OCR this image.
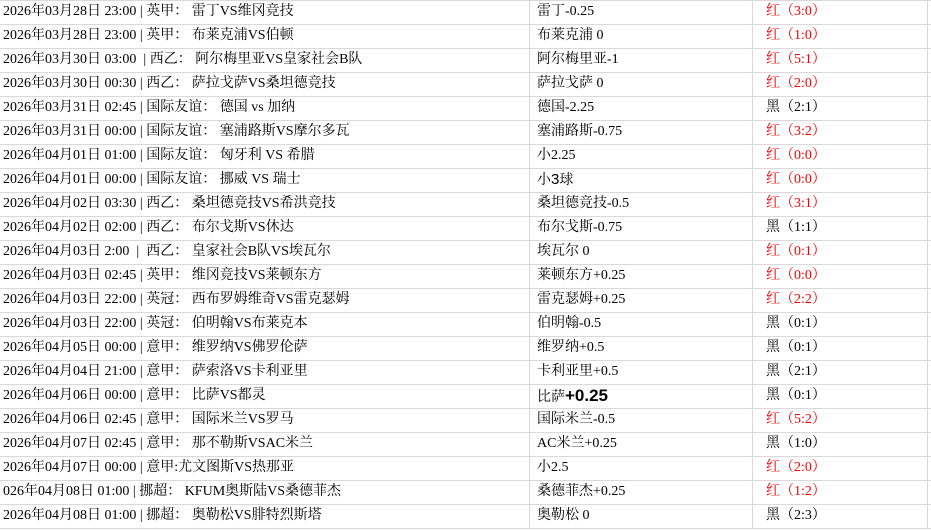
2026年03月28日 23:00 | 英甲： 雷丁VS维冈竞技	雷丁-0.25	红（3:0）
2026年03月28日 23:00 | 英甲： 布莱克浦VS伯顿	布莱克浦 0	红（1:0）
2026年03月30日 03:00  | 西乙： 阿尔梅里亚VS皇家社会B队	阿尔梅里亚-1	红（5:1）
2026年03月30日 00:30 | 西乙： 萨拉戈萨VS桑坦德竞技	萨拉戈萨 0	红（2:0）
2026年03月31日 02:45 | 国际友谊： 德国 vs 加纳	德国-2.25	黑（2:1）
2026年03月31日 00:00 | 国际友谊： 塞浦路斯VS摩尔多瓦	塞浦路斯-0.75	红（3:2）
2026年04月01日 01:00 | 国际友谊： 匈牙利 VS 希腊	小2.25	红（0:0）
2026年04月01日 00:00 | 国际友谊： 挪威 VS 瑞士	小3球	红（0:0）
2026年04月02日 03:30 | 西乙： 桑坦德竞技VS希洪竞技	桑坦德竞技-0.5	红（3:1）
2026年04月02日 02:00 | 西乙： 布尔戈斯VS休达	布尔戈斯-0.75	黑（1:1）
2026年04月03日 2:00  |  西乙： 皇家社会B队VS埃瓦尔	埃瓦尔 0	红（0:1）
2026年04月03日 02:45 | 英甲： 维冈竞技VS莱顿东方	莱顿东方+0.25	红（0:0）
2026年04月03日 22:00 | 英冠： 西布罗姆维奇VS雷克瑟姆	雷克瑟姆+0.25	红（2:2）
2026年04月03日 22:00 | 英冠： 伯明翰VS布莱克本	伯明翰-0.5	黑（0:1）
2026年04月05日 00:00 | 意甲： 维罗纳VS佛罗伦萨	维罗纳+0.5	黑（0:1）
2026年04月04日 21:00 | 意甲： 萨索洛VS卡利亚里	卡利亚里+0.5	黑（2:1）
2026年04月06日 00:00 | 意甲： 比萨VS都灵	比萨+0.25	黑（0:1）
2026年04月06日 02:45 | 意甲： 国际米兰VS罗马	国际米兰-0.5	红（5:2）
2026年04月07日 02:45 | 意甲： 那不勒斯VSAC米兰	AC米兰+0.25	黑（1:0）
2026年04月07日 00:00 | 意甲:尤文图斯VS热那亚	小2.5	红（2:0）
026年04月08日 01:00 | 挪超： KFUM奥斯陆VS桑德菲杰	桑德菲杰+0.25	红（1:2）
2026年04月08日 01:00 | 挪超： 奥勒松VS腓特烈斯塔	奥勒松 0	黑（2:3）
